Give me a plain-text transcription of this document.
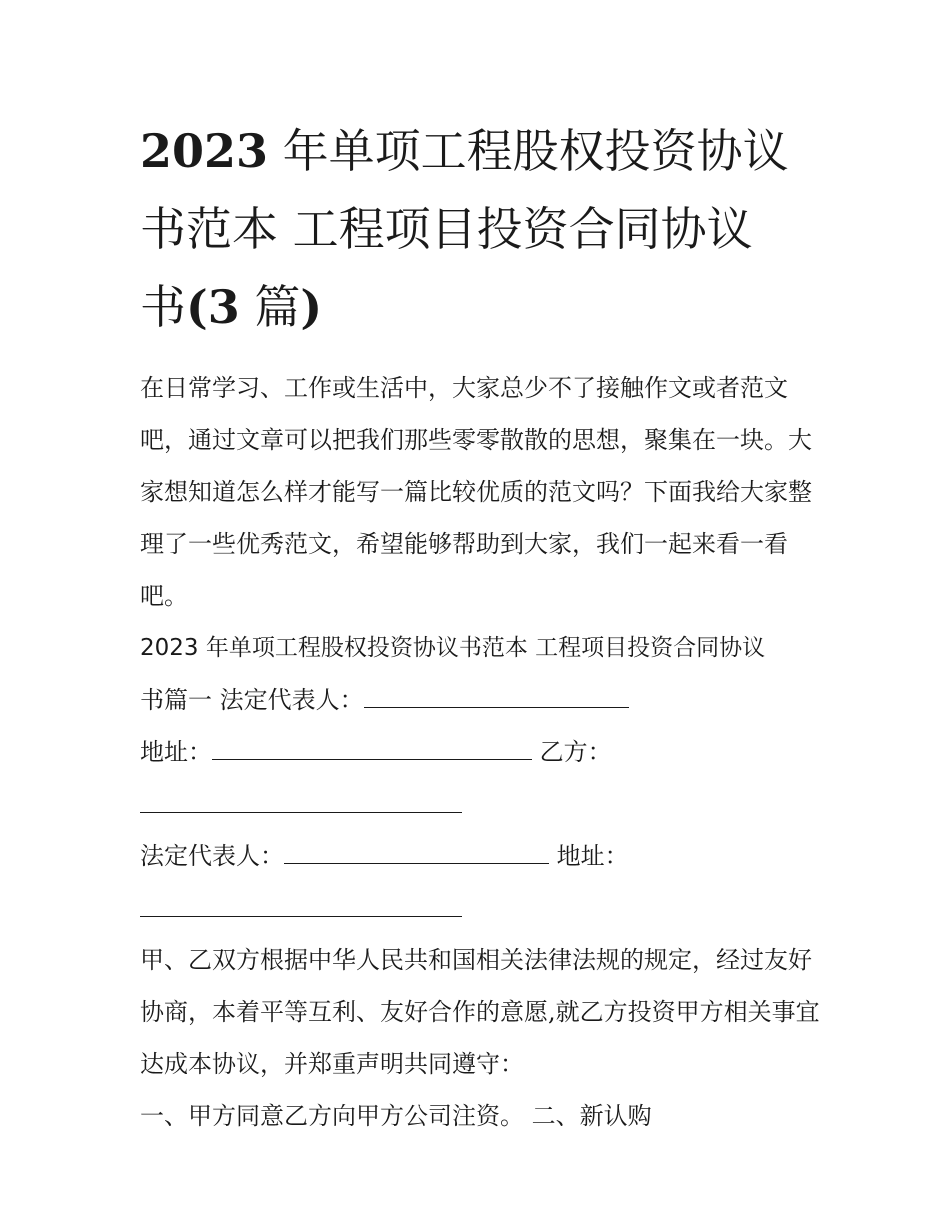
2023 年单项工程股权投资协议
书范本 工程项目投资合同协议
书(3 篇)
在日常学习、工作或生活中，大家总少不了接触作文或者范文吧，通过文章可以把我们那些零零散散的思想，聚集在一块。大家想知道怎么样才能写一篇比较优质的范文吗？下面我给大家整理了一些优秀范文，希望能够帮助到大家，我们一起来看一看吧。
2023 年单项工程股权投资协议书范本 工程项目投资合同协议
书篇一 法定代表人：
地址：	乙方：
法定代表人：	地址：
甲、乙双方根据中华人民共和国相关法律法规的规定，经过友好协商，本着平等互利、友好合作的意愿,就乙方投资甲方相关事宜达成本协议，并郑重声明共同遵守：
一、甲方同意乙方向甲方公司注资。 二、新认购
